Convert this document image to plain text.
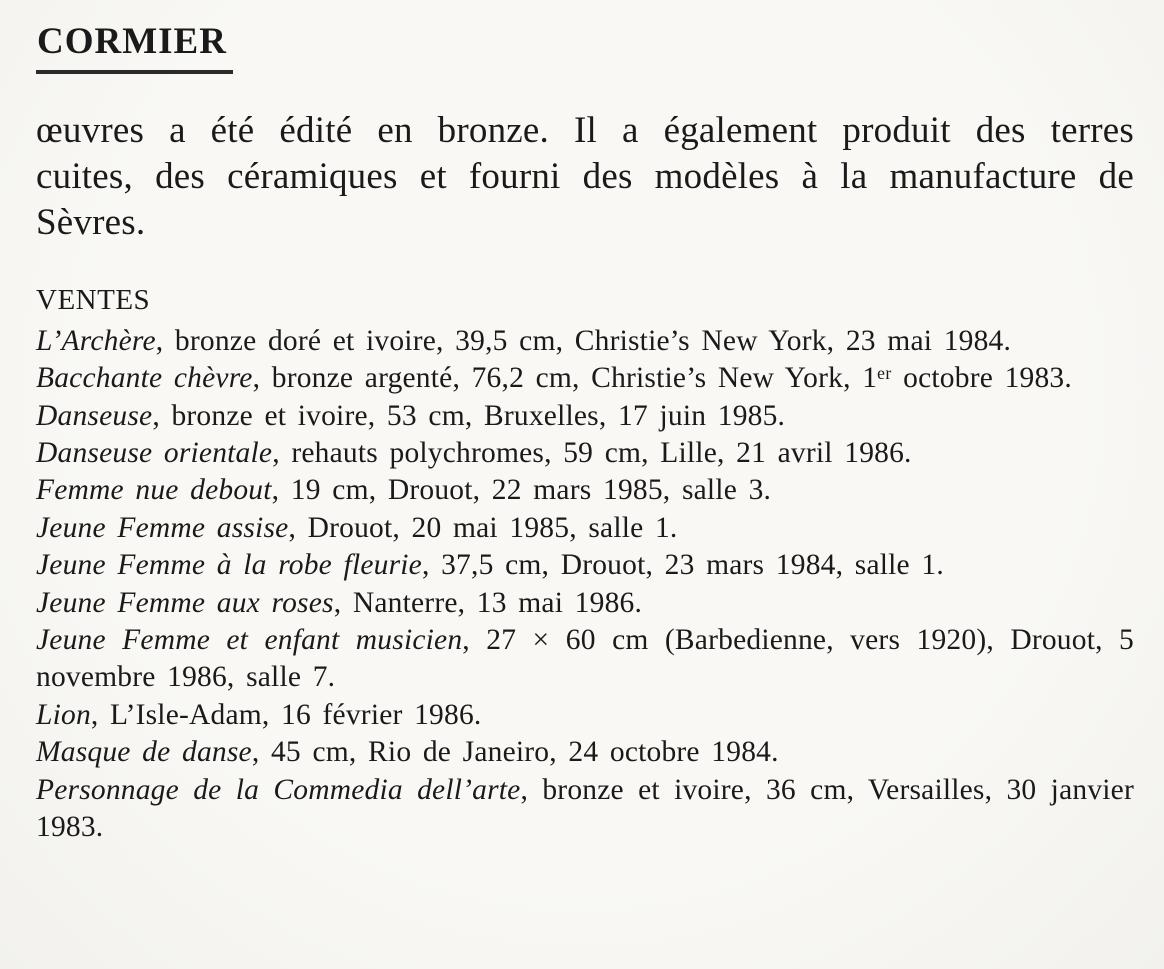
CORMIER

œuvres a été édité en bronze. Il a également produit des terres cuites, des céramiques et fourni des modèles à la manufacture de Sèvres.

VENTES

L’Archère, bronze doré et ivoire, 39,5 cm, Christie’s New York, 23 mai 1984.

Bacchante chèvre, bronze argenté, 76,2 cm, Christie’s New York, 1ᵉʳ octobre 1983.

Danseuse, bronze et ivoire, 53 cm, Bruxelles, 17 juin 1985.

Danseuse orientale, rehauts polychromes, 59 cm, Lille, 21 avril 1986.

Femme nue debout, 19 cm, Drouot, 22 mars 1985, salle 3.

Jeune Femme assise, Drouot, 20 mai 1985, salle 1.

Jeune Femme à la robe fleurie, 37,5 cm, Drouot, 23 mars 1984, salle 1.

Jeune Femme aux roses, Nanterre, 13 mai 1986.

Jeune Femme et enfant musicien, 27 × 60 cm (Barbedienne, vers 1920), Drouot, 5 novembre 1986, salle 7.

Lion, L’Isle-Adam, 16 février 1986.

Masque de danse, 45 cm, Rio de Janeiro, 24 octobre 1984.

Personnage de la Commedia dell’arte, bronze et ivoire, 36 cm, Versailles, 30 janvier 1983.
